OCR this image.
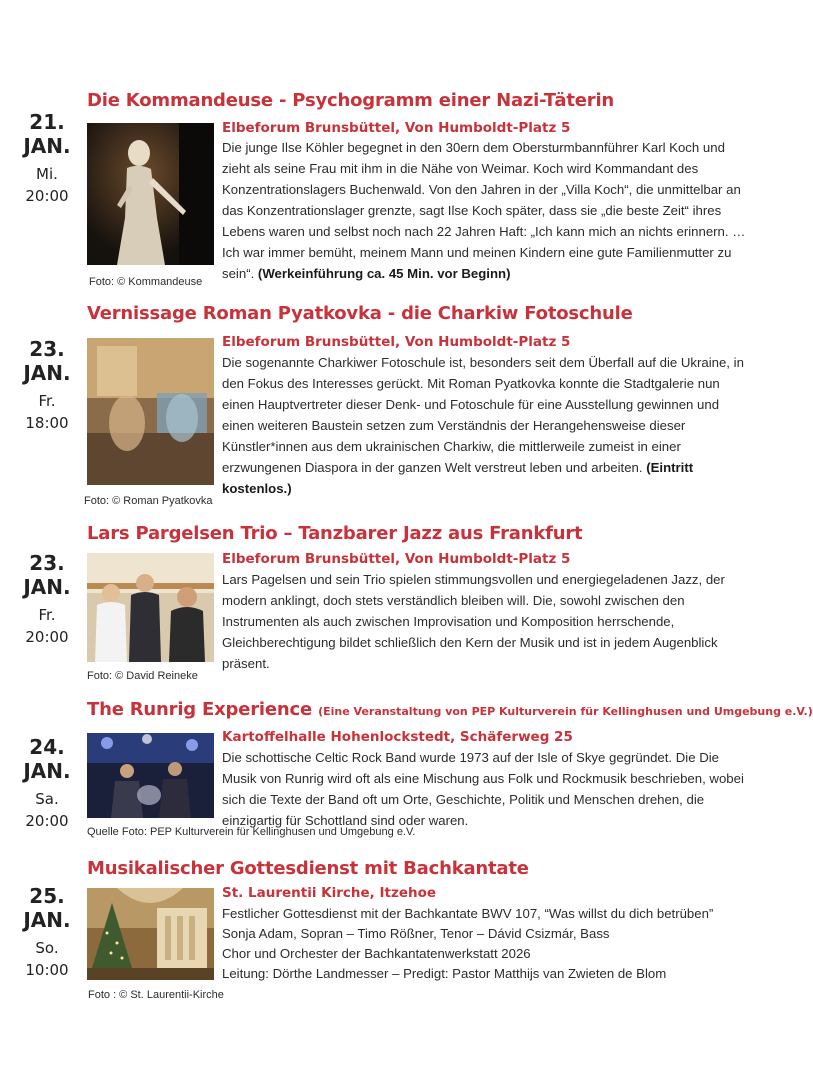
Die Kommandeuse - Psychogramm einer Nazi-Täterin
21.
JAN.
Mi.
20:00

Elbeforum Brunsbüttel, Von Humboldt-Platz 5

Die junge Ilse Köhler begegnet in den 30ern dem Obersturmbannführer Karl Koch und zieht als seine Frau mit ihm in die Nähe von Weimar. Koch wird Kommandant des Konzentrationslagers Buchenwald. Von den Jahren in der „Villa Koch“, die unmittelbar an das Konzentrationslager grenzte, sagt Ilse Koch später, dass sie „die beste Zeit“ ihres Lebens waren und selbst noch nach 22 Jahren Haft: „Ich kann mich an nichts erinnern. …Ich war immer bemüht, meinem Mann und meinen Kindern eine gute Familienmutter zu sein“. (Werkeinführung ca. 45 Min. vor Beginn)

Foto: © Kommandeuse

Vernissage Roman Pyatkovka - die Charkiw Fotoschule
23.
JAN.
Fr.
18:00

Elbeforum Brunsbüttel, Von Humboldt-Platz 5

Die sogenannte Charkiwer Fotoschule ist, besonders seit dem Überfall auf die Ukraine, in den Fokus des Interesses gerückt. Mit Roman Pyatkovka konnte die Stadtgalerie nun einen Hauptvertreter dieser Denk- und Fotoschule für eine Ausstellung gewinnen und einen weiteren Baustein setzen zum Verständnis der Herangehensweise dieser Künstler*innen aus dem ukrainischen Charkiw, die mittlerweile zumeist in einer erzwungenen Diaspora in der ganzen Welt verstreut leben und arbeiten. (Eintritt kostenlos.)

Foto: © Roman Pyatkovka

Lars Pargelsen Trio – Tanzbarer Jazz aus Frankfurt
23.
JAN.
Fr.
20:00

Elbeforum Brunsbüttel, Von Humboldt-Platz 5

Lars Pagelsen und sein Trio spielen stimmungsvollen und energiegeladenen Jazz, der modern anklingt, doch stets verständlich bleiben will. Die, sowohl zwischen den Instrumenten als auch zwischen Improvisation und Komposition herrschende, Gleichberechtigung bildet schließlich den Kern der Musik und ist in jedem Augenblick präsent.

Foto: © David Reineke

The Runrig Experience (Eine Veranstaltung von PEP Kulturverein für Kellinghusen und Umgebung e.V.)
24.
JAN.
Sa.
20:00

Kartoffelhalle Hohenlockstedt, Schäferweg 25

Die schottische Celtic Rock Band wurde 1973 auf der Isle of Skye gegründet. Die Die Musik von Runrig wird oft als eine Mischung aus Folk und Rockmusik beschrieben, wobei sich die Texte der Band oft um Orte, Geschichte, Politik und Menschen drehen, die einzigartig für Schottland sind oder waren.

Quelle Foto: PEP Kulturverein für Kellinghusen und Umgebung e.V.

Musikalischer Gottesdienst mit Bachkantate
25.
JAN.
So.
10:00

St. Laurentii Kirche, Itzehoe

Festlicher Gottesdienst mit der Bachkantate BWV 107, “Was willst du dich betrüben”
Sonja Adam, Sopran – Timo Rößner, Tenor – Dávid Csizmár, Bass
Chor und Orchester der Bachkantatenwerkstatt 2026
Leitung: Dörthe Landmesser – Predigt: Pastor Matthijs van Zwieten de Blom

Foto : © St. Laurentii-Kirche
